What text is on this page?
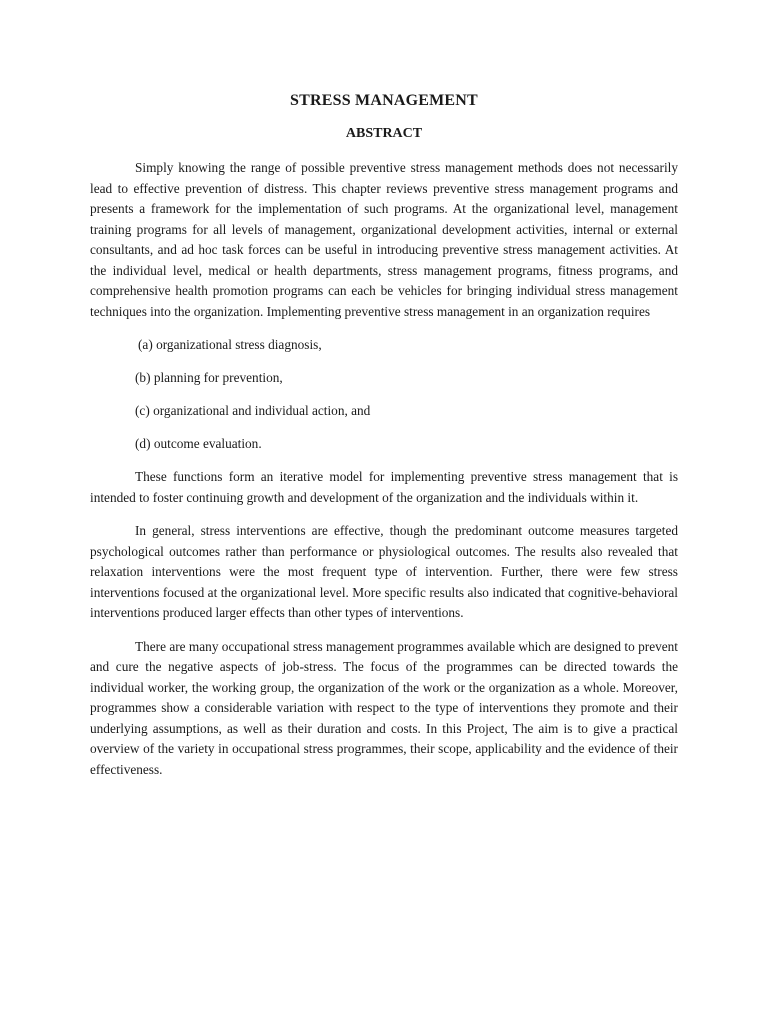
STRESS MANAGEMENT
ABSTRACT

Simply knowing the range of possible preventive stress management methods does not necessarily lead to effective prevention of distress. This chapter reviews preventive stress management programs and presents a framework for the implementation of such programs. At the organizational level, management training programs for all levels of management, organizational development activities, internal or external consultants, and ad hoc task forces can be useful in introducing preventive stress management activities. At the individual level, medical or health departments, stress management programs, fitness programs, and comprehensive health promotion programs can each be vehicles for bringing individual stress management techniques into the organization. Implementing preventive stress management in an organization requires

(a) organizational stress diagnosis,
(b) planning for prevention,
(c) organizational and individual action, and
(d) outcome evaluation.

These functions form an iterative model for implementing preventive stress management that is intended to foster continuing growth and development of the organization and the individuals within it.

In general, stress interventions are effective, though the predominant outcome measures targeted psychological outcomes rather than performance or physiological outcomes. The results also revealed that relaxation interventions were the most frequent type of intervention. Further, there were few stress interventions focused at the organizational level. More specific results also indicated that cognitive-behavioral interventions produced larger effects than other types of interventions.

There are many occupational stress management programmes available which are designed to prevent and cure the negative aspects of job-stress. The focus of the programmes can be directed towards the individual worker, the working group, the organization of the work or the organization as a whole. Moreover, programmes show a considerable variation with respect to the type of interventions they promote and their underlying assumptions, as well as their duration and costs. In this Project, The aim is to give a practical overview of the variety in occupational stress programmes, their scope, applicability and the evidence of their effectiveness.
